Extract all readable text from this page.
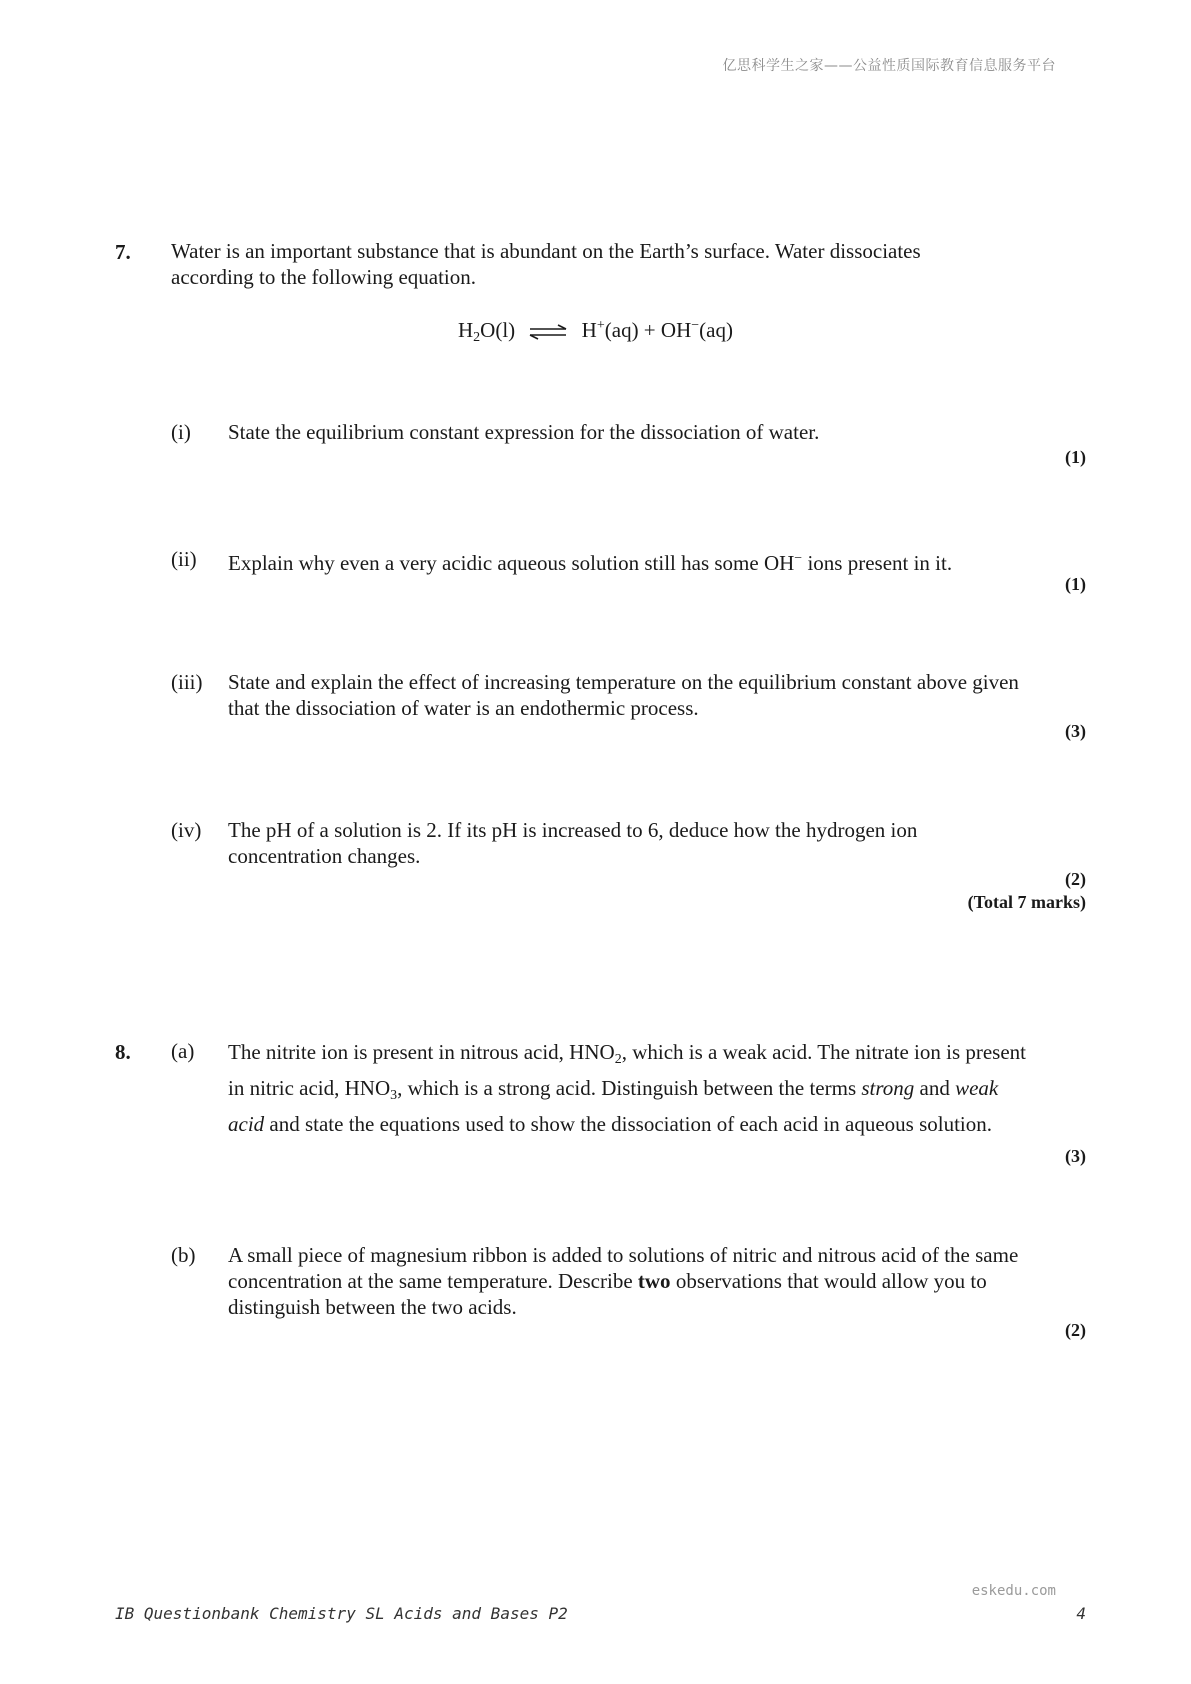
亿思科学生之家——公益性质国际教育信息服务平台
7. Water is an important substance that is abundant on the Earth’s surface. Water dissociates according to the following equation.
$H_2O(l)$ ⇌ H+(aq) + OH−(aq)
(i) State the equilibrium constant expression for the dissociation of water.
(1)
(ii) Explain why even a very acidic aqueous solution still has some OH− ions present in it.
(1)
(iii) State and explain the effect of increasing temperature on the equilibrium constant above given that the dissociation of water is an endothermic process.
(3)
(iv) The pH of a solution is 2. If its pH is increased to 6, deduce how the hydrogen ion concentration changes.
(2)
(Total 7 marks)
8. (a) The nitrite ion is present in nitrous acid, $HNO_2$, which is a weak acid. The nitrate ion is present in nitric acid, $HNO_3$, which is a strong acid. Distinguish between the terms strong and weak acid and state the equations used to show the dissociation of each acid in aqueous solution.
(3)
(b) A small piece of magnesium ribbon is added to solutions of nitric and nitrous acid of the same concentration at the same temperature. Describe two observations that would allow you to distinguish between the two acids.
(2)
eskedu.com
IB Questionbank Chemistry SL Acids and Bases P2	4
